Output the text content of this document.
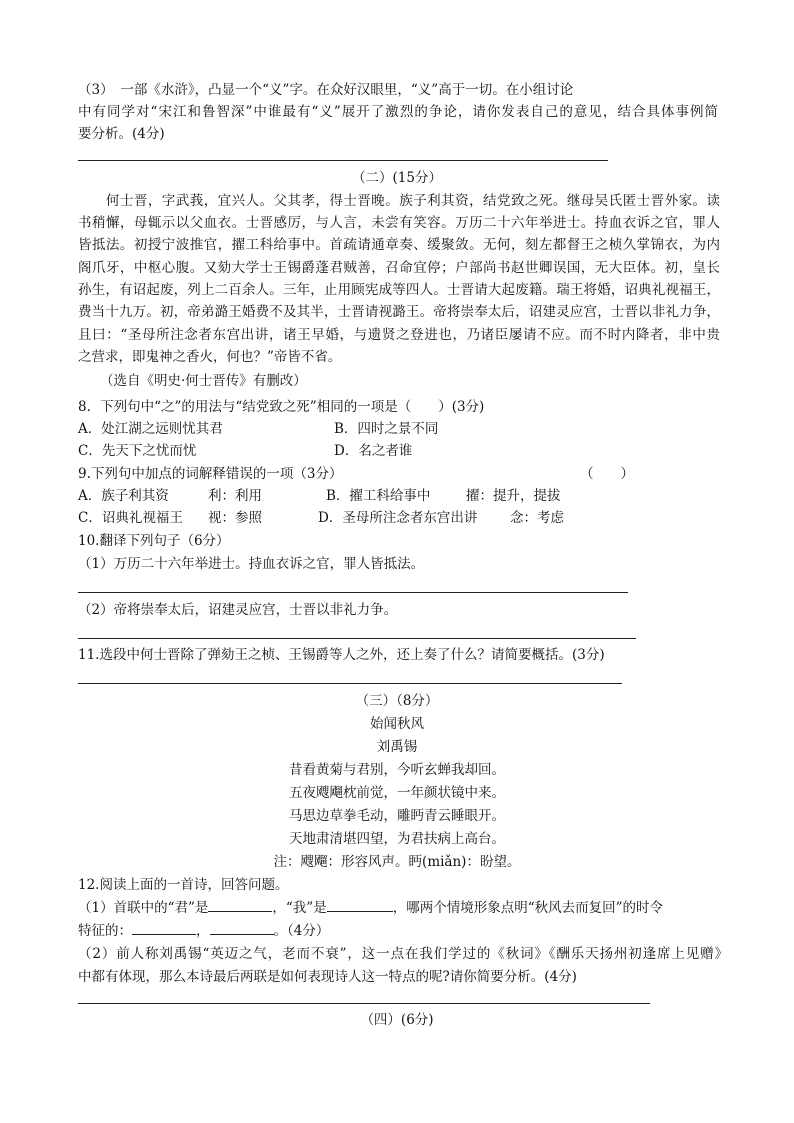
（3）　一部《水浒》，凸显一个“义”字。在众好汉眼里，“义”高于一切。在小组讨论
中有同学对“宋江和鲁智深”中谁最有“义”展开了激烈的争论，请你发表自己的意见，结合具体事例简
要分析。(4分)
（二）(15分）
　　何士晋，字武莪，宜兴人。父其孝，得士晋晚。族子利其资，结党致之死。继母吴氏匿士晋外家。读
书稍懈，母辄示以父血衣。士晋感厉，与人言，未尝有笑容。万历二十六年举进士。持血衣诉之官，罪人
皆抵法。初授宁波推官，擢工科给事中。首疏请通章奏、缓聚敛。无何，刻左都督王之桢久掌锦衣，为内
阁爪牙，中枢心腹。又劾大学士王锡爵蓬君贼善，召命宜停；户部尚书赵世卿误国，无大臣体。初，皇长
孙生，有诏起废，列上二百余人。三年，止用顾宪成等四人。士晋请大起废籍。瑞王将婚，诏典礼视福王，
费当十九万。初，帝弟潞王婚费不及其半，士晋请视潞王。帝将崇奉太后，诏建灵应宫，士晋以非礼力争，
且曰：“圣母所注念者东宫出讲，诸王早婚，与遗贤之登进也，乃诸臣屡请不应。而不时内降者，非中贵
之营求，即鬼神之香火，何也？”帝皆不省。
（选自《明史·何士晋传》有删改）
8．下列句中“之”的用法与“结党致之死”相同的一项是（　　）(3分)
A．处江湖之远则忧其君	B．四时之景不同
C．先天下之忧而忧	D．名之者谁
9.下列句中加点的词解释错误的一项（3分）	（　　）
A．族子利其资	利：利用	B．擢工科给事中	擢：提升，提拔
C．诏典礼视福王 视：参照	D．圣母所注念者东宫出讲 念：考虑
10.翻译下列句子（6分）
（1）万历二十六年举进士。持血衣诉之官，罪人皆抵法。
（2）帝将崇奉太后，诏建灵应宫，士晋以非礼力争。
11.选段中何士晋除了弹劾王之桢、王锡爵等人之外，还上奏了什么？请简要概括。(3分)
（三）（8分）
始闻秋风
刘禹锡
昔看黄菊与君别，今听玄蝉我却回。
五夜飕飗枕前觉，一年颜状镜中来。
马思边草拳毛动，雕眄青云睡眼开。
天地肃清堪四望，为君扶病上高台。
注：飕飗：形容风声。眄(miǎn)：盼望。
12.阅读上面的一首诗，回答问题。
（1）首联中的“君”是	，“我”是	，哪两个情境形象点明“秋风去而复回”的时令
特征的：	，	。（4分）
（2）前人称刘禹锡“英迈之气，老而不衰”，这一点在我们学过的《秋词》《酬乐天扬州初逢席上见赠》
中都有体现，那么本诗最后两联是如何表现诗人这一特点的呢?请你简要分析。(4分)
（四）(6分)
